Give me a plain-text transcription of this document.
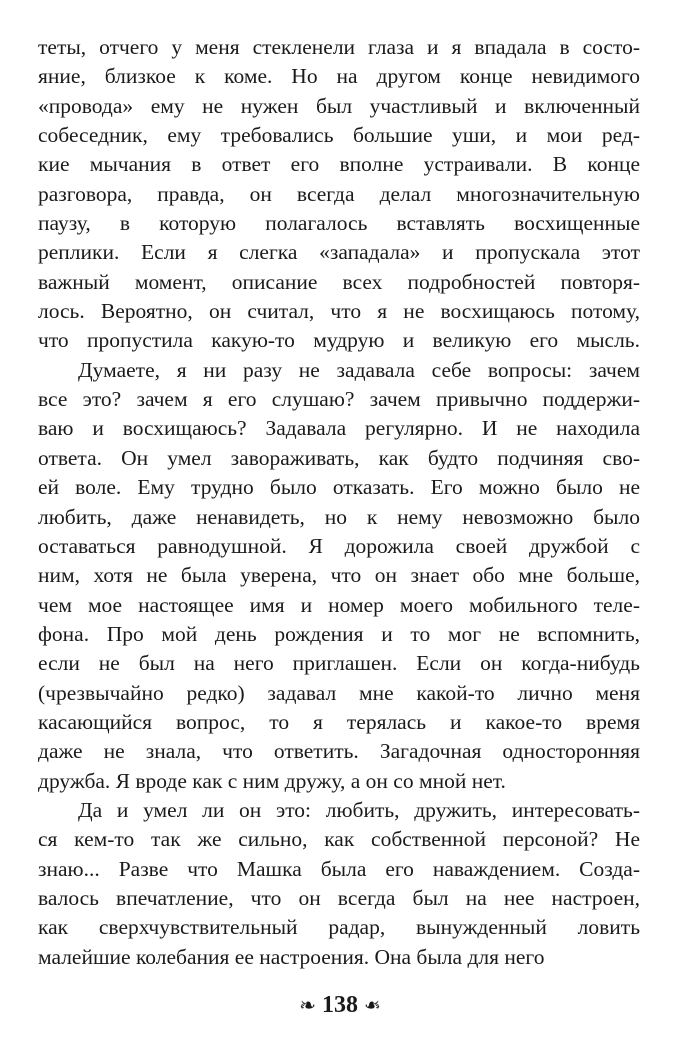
теты, отчего у меня стекленели глаза и я впадала в состо-
яние, близкое к коме. Но на другом конце невидимого
«провода» ему не нужен был участливый и включенный
собеседник, ему требовались большие уши, и мои ред-
кие мычания в ответ его вполне устраивали. В конце
разговора, правда, он всегда делал многозначительную
паузу, в которую полагалось вставлять восхищенные
реплики. Если я слегка «западала» и пропускала этот
важный момент, описание всех подробностей повторя-
лось. Вероятно, он считал, что я не восхищаюсь потому,
что пропустила какую-то мудрую и великую его мысль.
Думаете, я ни разу не задавала себе вопросы: зачем
все это? зачем я его слушаю? зачем привычно поддержи-
ваю и восхищаюсь? Задавала регулярно. И не находила
ответа. Он умел завораживать, как будто подчиняя сво-
ей воле. Ему трудно было отказать. Его можно было не
любить, даже ненавидеть, но к нему невозможно было
оставаться равнодушной. Я дорожила своей дружбой с
ним, хотя не была уверена, что он знает обо мне больше,
чем мое настоящее имя и номер моего мобильного теле-
фона. Про мой день рождения и то мог не вспомнить,
если не был на него приглашен. Если он когда-нибудь
(чрезвычайно редко) задавал мне какой-то лично меня
касающийся вопрос, то я терялась и какое-то время
даже не знала, что ответить. Загадочная односторонняя
дружба. Я вроде как с ним дружу, а он со мной нет.
Да и умел ли он это: любить, дружить, интересовать-
ся кем-то так же сильно, как собственной персоной? Не
знаю... Разве что Машка была его наваждением. Созда-
валось впечатление, что он всегда был на нее настроен,
как сверхчувствительный радар, вынужденный ловить
малейшие колебания ее настроения. Она была для него
❧ 138 ❧
